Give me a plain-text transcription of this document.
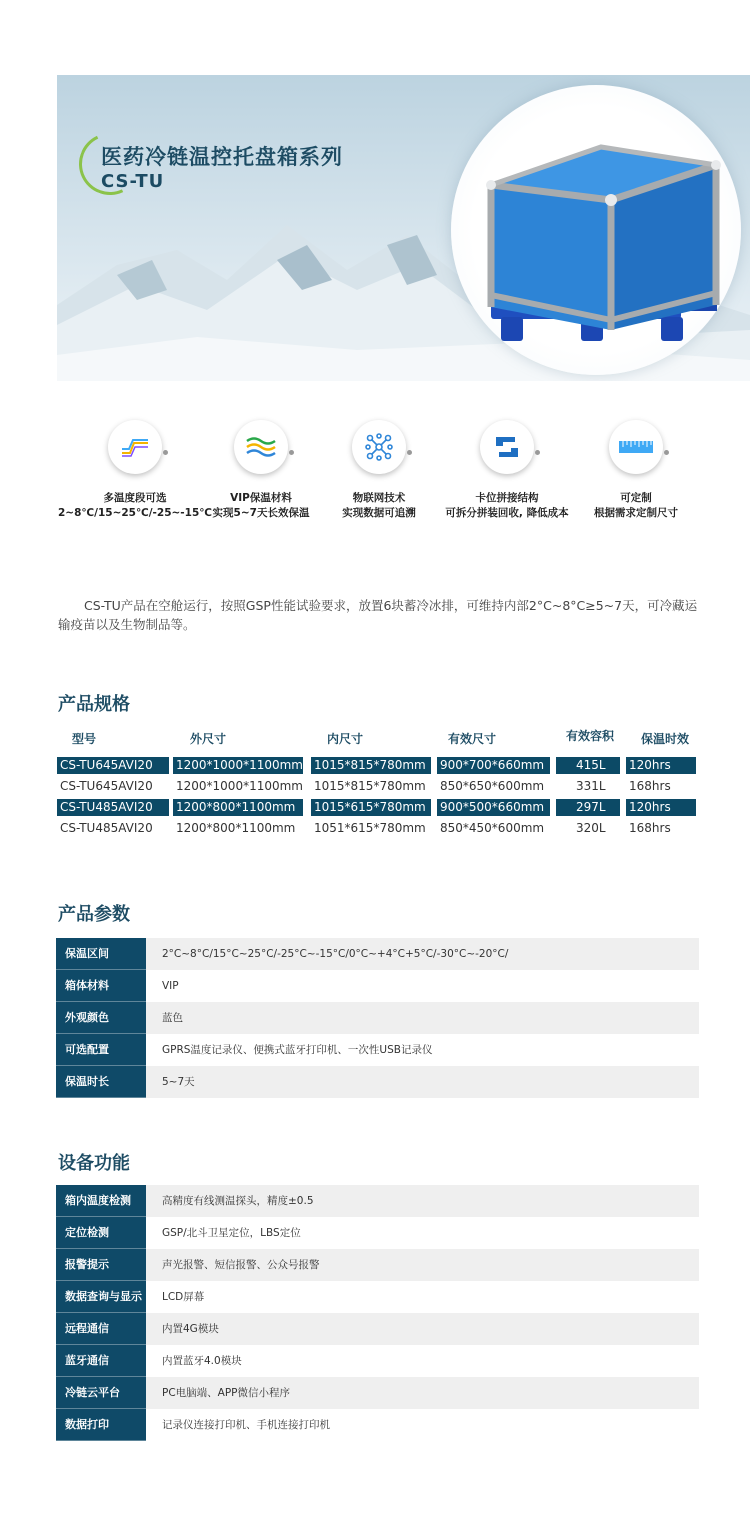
医药冷链温控托盘箱系列
CS-TU
多温度段可选
2~8℃/15~25℃/-25~-15℃
VIP保温材料
实现5~7天长效保温
物联网技术
实现数据可追溯
卡位拼接结构
可拆分拼装回收, 降低成本
可定制
根据需求定制尺寸
CS-TU产品在空舱运行，按照GSP性能试验要求，放置6块蓄冷冰排，可维持内部2°C~8°C≥5~7天，可冷藏运输疫苗以及生物制品等。
产品规格
型号	外尺寸	内尺寸	有效尺寸	有效容积 保温时效
CS-TU645AVI20	1200*1000*1100mm 1015*815*780mm	900*700*660mm	415L	120hrs
CS-TU645AVI20	1200*1000*1100mm 1015*815*780mm	850*650*600mm	331L	168hrs
CS-TU485AVI20	1200*800*1100mm	1015*615*780mm	900*500*660mm	297L	120hrs
CS-TU485AVI20	1200*800*1100mm	1051*615*780mm	850*450*600mm	320L	168hrs
产品参数
保温区间	2°C~8°C/15°C~25°C/-25°C~-15°C/0°C~+4°C+5°C/-30°C~-20°C/
箱体材料	VIP
外观颜色	蓝色
可选配置	GPRS温度记录仪、便携式蓝牙打印机、一次性USB记录仪
保温时长	5~7天
设备功能
箱内温度检测	高精度有线测温探头，精度±0.5
定位检测	GSP/北斗卫星定位，LBS定位
报警提示	声光报警、短信报警、公众号报警
数据查询与显示	LCD屏幕
远程通信	内置4G模块
蓝牙通信	内置蓝牙4.0模块
冷链云平台	PC电脑端、APP微信小程序
数据打印	记录仪连接打印机、手机连接打印机
